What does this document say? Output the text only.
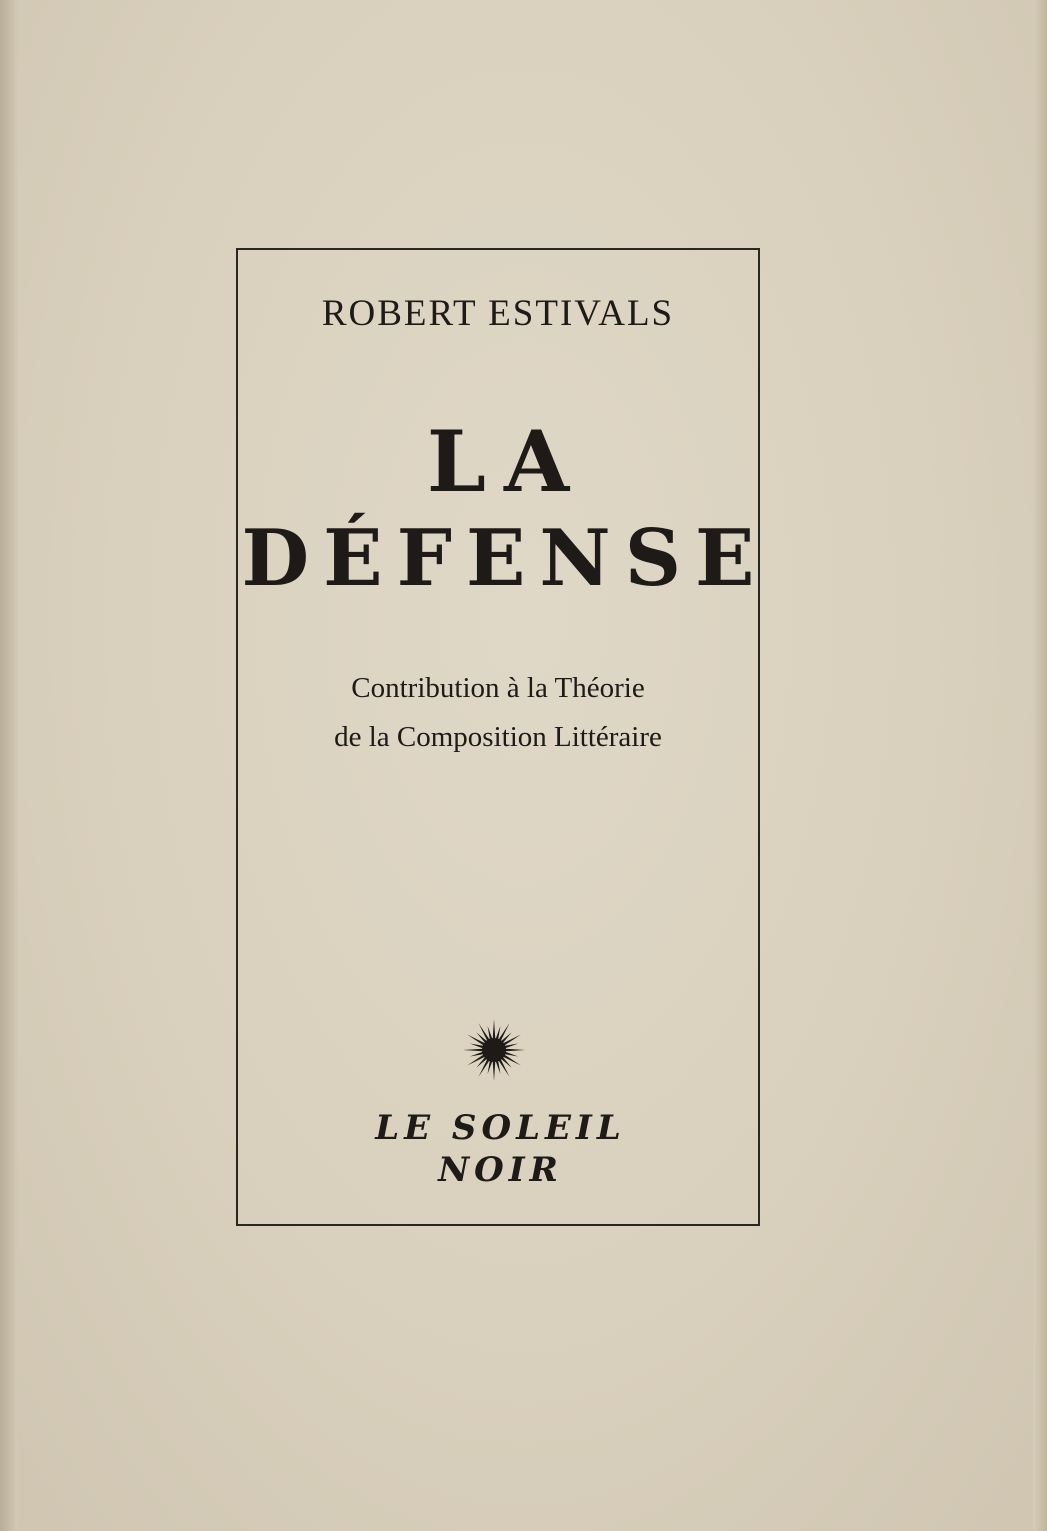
ROBERT ESTIVALS
LA
DÉFENSE
Contribution à la Théorie
de la Composition Littéraire
LE SOLEIL
NOIR
